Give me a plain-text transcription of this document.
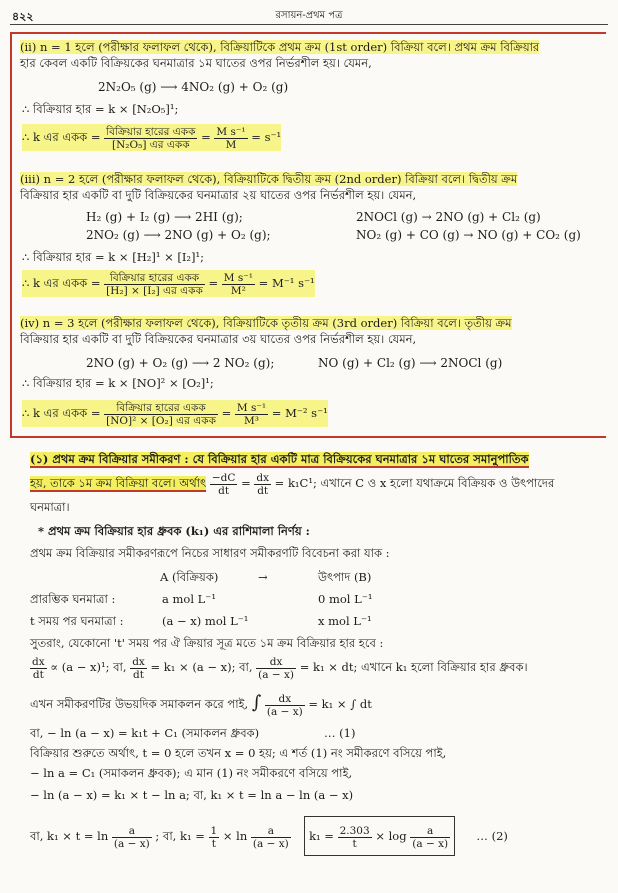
৪২২	রসায়ন-প্রথম পত্র
(ii) n = 1 হলে (পরীক্ষার ফলাফল থেকে), বিক্রিয়াটিকে প্রথম ক্রম (1st order) বিক্রিয়া বলে। প্রথম ক্রম বিক্রিয়ার
হার কেবল একটি বিক্রিয়কের ঘনমাত্রার ১ম ঘাতের ওপর নির্ভরশীল হয়। যেমন,
2N₂O₅ (g) ⟶ 4NO₂ (g) + O₂ (g)
∴ বিক্রিয়ার হার = k × [N₂O₅]¹;
∴ k এর একক = $\frac{\text{বিক্রিয়ার হারের একক}}{\text{[N₂O₅] এর একক}} = \frac{\text{M s⁻¹}}{M} = s^{-1}$
(iii) n = 2 হলে (পরীক্ষার ফলাফল থেকে), বিক্রিয়াটিকে দ্বিতীয় ক্রম (2nd order) বিক্রিয়া বলে। দ্বিতীয় ক্রম
বিক্রিয়ার হার একটি বা দুটি বিক্রিয়কের ঘনমাত্রার ২য় ঘাতের ওপর নির্ভরশীল হয়। যেমন,
H₂ (g) + I₂ (g) ⟶ 2HI (g);	2NOCl (g) → 2NO (g) + Cl₂ (g)
2NO₂ (g) ⟶ 2NO (g) + O₂ (g);	NO₂ (g) + CO (g) → NO (g) + CO₂ (g)
∴ বিক্রিয়ার হার = k × [H₂]¹ × [I₂]¹;
∴ k এর একক = $\frac{\text{বিক্রিয়ার হারের একক}}{\text{[H₂] × [I₂] এর একক}} = \frac{\text{M s⁻¹}}{\text{M²}} = M^{-1}$ s⁻¹
(iv) n = 3 হলে (পরীক্ষার ফলাফল থেকে), বিক্রিয়াটিকে তৃতীয় ক্রম (3rd order) বিক্রিয়া বলে। তৃতীয় ক্রম
বিক্রিয়ার হার একটি বা দুটি বিক্রিয়কের ঘনমাত্রার ৩য় ঘাতের ওপর নির্ভরশীল হয়। যেমন,
2NO (g) + O₂ (g) ⟶ 2 NO₂ (g);	NO (g) + Cl₂ (g) ⟶ 2NOCl (g)
∴ বিক্রিয়ার হার = k × [NO]² × [O₂]¹;
∴ k এর একক = $\frac{\text{বিক্রিয়ার হারের একক}}{\text{[NO]² × [O₂] এর একক}} = \frac{\text{M s⁻¹}}{\text{M³}} = M^{-2}$ s⁻¹
(১) প্রথম ক্রম বিক্রিয়ার সমীকরণ : যে বিক্রিয়ার হার একটি মাত্র বিক্রিয়কের ঘনমাত্রার ১ম ঘাতের সমানুপাতিক
হয়, তাকে ১ম ক্রম বিক্রিয়া বলে। অর্থাৎ $\frac{-dC}{dt} = \frac{dx}{dt} = k_1C^1$; এখানে C ও x হলো যথাক্রমে বিক্রিয়ক ও উৎপাদের
ঘনমাত্রা।
* প্রথম ক্রম বিক্রিয়ার হার ধ্রুবক (k₁) এর রাশিমালা নির্ণয় :
প্রথম ক্রম বিক্রিয়ার সমীকরণরূপে নিচের সাধারণ সমীকরণটি বিবেচনা করা যাক :
A (বিক্রিয়ক)	→	উৎপাদ (B)
প্রারম্ভিক ঘনমাত্রা :	a mol L⁻¹	0 mol L⁻¹
t সময় পর ঘনমাত্রা :	(a − x) mol L⁻¹	x mol L⁻¹
সুতরাং, যেকোনো 't' সময় পর ঐ ক্রিয়ার সূত্র মতে ১ম ক্রম বিক্রিয়ার হার হবে :
$\frac{dx}{dt} \propto (a - x)^1$; বা, $\frac{dx}{dt} = k_1 \times (a - x)$; বা, $\frac{dx}{(a - x)} = k_1$ × dt; এখানে k₁ হলো বিক্রিয়ার হার ধ্রুবক।
এখন সমীকরণটির উভয়দিক সমাকলন করে পাই, ∫ $\frac{dx}{(a - x)} = k_1$ × ∫ dt
বা, − ln (a − x) = k₁t + C₁ (সমাকলন ধ্রুবক)	… (1)
বিক্রিয়ার শুরুতে অর্থাৎ, t = 0 হলে তখন x = 0 হয়; এ শর্ত (1) নং সমীকরণে বসিয়ে পাই,
− ln a = C₁ (সমাকলন ধ্রুবক); এ মান (1) নং সমীকরণে বসিয়ে পাই,
− ln (a − x) = k₁ × t − ln a; বা, k₁ × t = ln a − ln (a − x)
বা, $k_1 \times t = \ln \frac{a}{(a - x)}$ ; বা, $k_1 = \frac{1}{t} \times \ln \frac{a}{(a - x)} k_1 = \frac{2.303}{t} \times \log \frac{a}{(a - x)}$ … (2)
